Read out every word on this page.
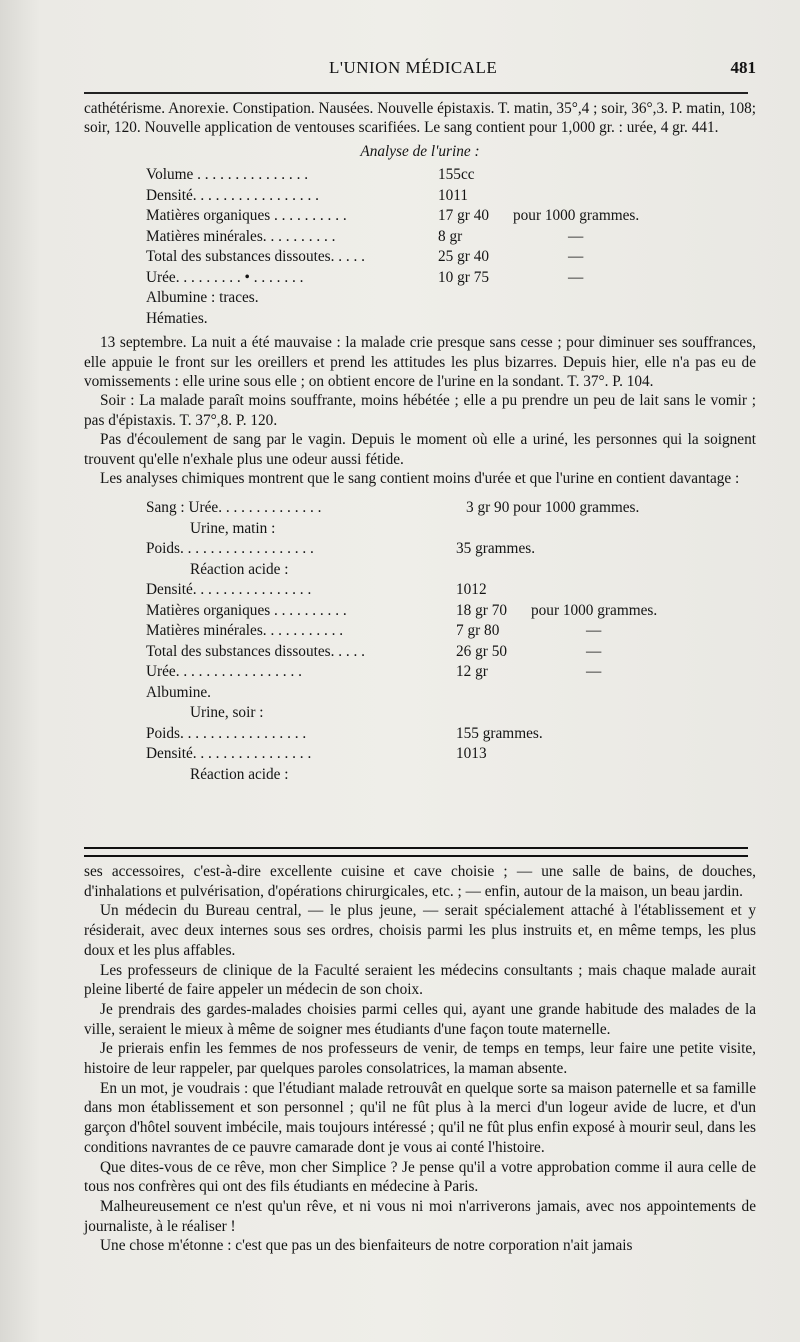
L'UNION MÉDICALE	481

cathétérisme. Anorexie. Constipation. Nausées. Nouvelle épistaxis. T. matin, 35°,4 ; soir, 36°,3. P. matin, 108; soir, 120. Nouvelle application de ventouses scarifiées. Le sang contient pour 1,000 gr. : urée, 4 gr. 441.

Analyse de l'urine :
Volume . . . . . . . . . . . . . . .	155cc
Densité. . . . . . . . . . . . . . . . .	1011
Matières organiques . . . . . . . . . .	17 gr 40 pour 1000 grammes.
Matières minérales. . . . . . . . . .	8 gr	—
Total des substances dissoutes. . . . .	25 gr 40	—
Urée. . . . . . . . . • . . . . . . .	10 gr 75	—
Albumine : traces.
Hématies.

13 septembre. La nuit a été mauvaise : la malade crie presque sans cesse ; pour diminuer ses souffrances, elle appuie le front sur les oreillers et prend les attitudes les plus bizarres. Depuis hier, elle n'a pas eu de vomissements : elle urine sous elle ; on obtient encore de l'urine en la sondant. T. 37°. P. 104.

Soir : La malade paraît moins souffrante, moins hébétée ; elle a pu prendre un peu de lait sans le vomir ; pas d'épistaxis. T. 37°,8. P. 120.

Pas d'écoulement de sang par le vagin. Depuis le moment où elle a uriné, les personnes qui la soignent trouvent qu'elle n'exhale plus une odeur aussi fétide.

Les analyses chimiques montrent que le sang contient moins d'urée et que l'urine en contient davantage :

Sang : Urée. . . . . . . . . . . . . .	3 gr 90 pour 1000 grammes.
Urine, matin :
Poids. . . . . . . . . . . . . . . . . .	35 grammes.
Réaction acide :
Densité. . . . . . . . . . . . . . . .	1012
Matières organiques . . . . . . . . . .	18 gr 70 pour 1000 grammes.
Matières minérales. . . . . . . . . . .	7 gr 80	—
Total des substances dissoutes. . . . .	26 gr 50	—
Urée. . . . . . . . . . . . . . . . .	12 gr	—
Albumine.
Urine, soir :
Poids. . . . . . . . . . . . . . . . .	155 grammes.
Densité. . . . . . . . . . . . . . . .	1013
Réaction acide :

ses accessoires, c'est-à-dire excellente cuisine et cave choisie ; — une salle de bains, de douches, d'inhalations et pulvérisation, d'opérations chirurgicales, etc. ; — enfin, autour de la maison, un beau jardin.

Un médecin du Bureau central, — le plus jeune, — serait spécialement attaché à l'établissement et y résiderait, avec deux internes sous ses ordres, choisis parmi les plus instruits et, en même temps, les plus doux et les plus affables.

Les professeurs de clinique de la Faculté seraient les médecins consultants ; mais chaque malade aurait pleine liberté de faire appeler un médecin de son choix.

Je prendrais des gardes-malades choisies parmi celles qui, ayant une grande habitude des malades de la ville, seraient le mieux à même de soigner mes étudiants d'une façon toute maternelle.

Je prierais enfin les femmes de nos professeurs de venir, de temps en temps, leur faire une petite visite, histoire de leur rappeler, par quelques paroles consolatrices, la maman absente.

En un mot, je voudrais : que l'étudiant malade retrouvât en quelque sorte sa maison paternelle et sa famille dans mon établissement et son personnel ; qu'il ne fût plus à la merci d'un logeur avide de lucre, et d'un garçon d'hôtel souvent imbécile, mais toujours intéressé ; qu'il ne fût plus enfin exposé à mourir seul, dans les conditions navrantes de ce pauvre camarade dont je vous ai conté l'histoire.

Que dites-vous de ce rêve, mon cher Simplice ? Je pense qu'il a votre approbation comme il aura celle de tous nos confrères qui ont des fils étudiants en médecine à Paris.

Malheureusement ce n'est qu'un rêve, et ni vous ni moi n'arriverons jamais, avec nos appointements de journaliste, à le réaliser !

Une chose m'étonne : c'est que pas un des bienfaiteurs de notre corporation n'ait jamais
